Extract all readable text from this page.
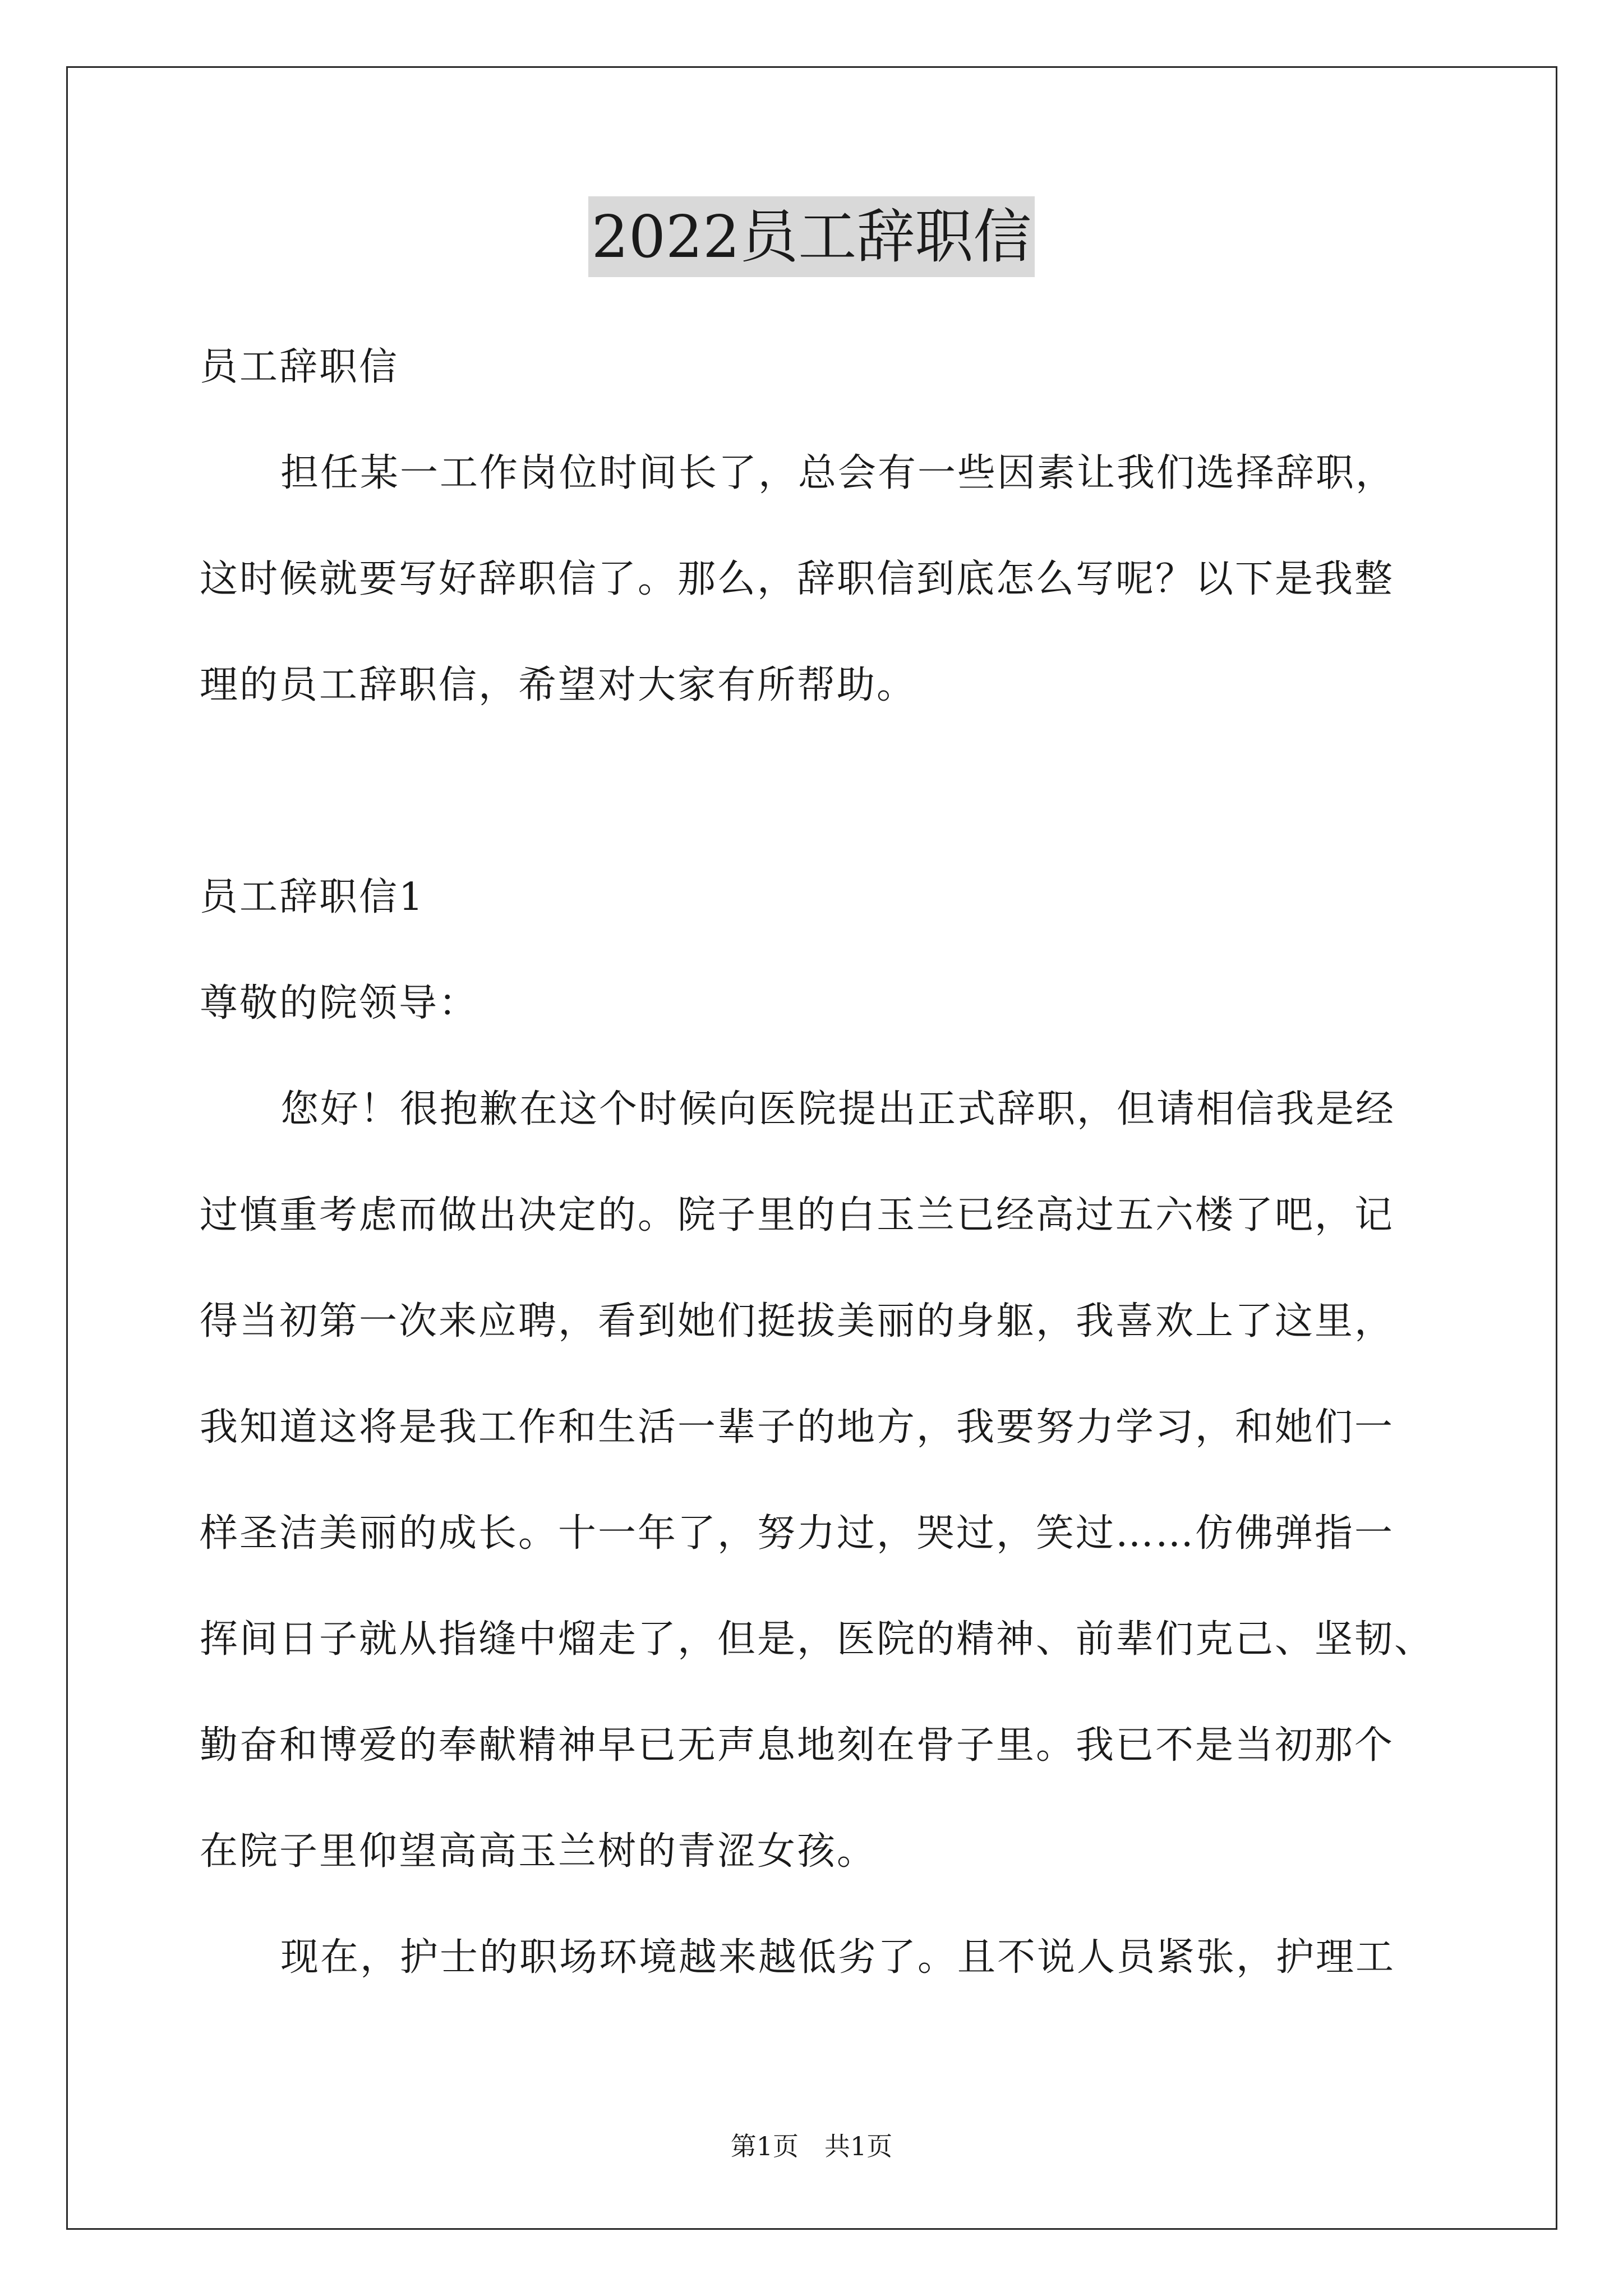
2022员工辞职信
员工辞职信
担任某一工作岗位时间长了，总会有一些因素让我们选择辞职，
这时候就要写好辞职信了。那么，辞职信到底怎么写呢？以下是我整
理的员工辞职信，希望对大家有所帮助。
员工辞职信1
尊敬的院领导：
您好！很抱歉在这个时候向医院提出正式辞职，但请相信我是经
过慎重考虑而做出决定的。院子里的白玉兰已经高过五六楼了吧，记
得当初第一次来应聘，看到她们挺拔美丽的身躯，我喜欢上了这里，
我知道这将是我工作和生活一辈子的地方，我要努力学习，和她们一
样圣洁美丽的成长。十一年了，努力过，哭过，笑过……仿佛弹指一
挥间日子就从指缝中熘走了，但是，医院的精神、前辈们克己、坚韧、
勤奋和博爱的奉献精神早已无声息地刻在骨子里。我已不是当初那个
在院子里仰望高高玉兰树的青涩女孩。
现在，护士的职场环境越来越低劣了。且不说人员紧张，护理工
第1页　共1页
